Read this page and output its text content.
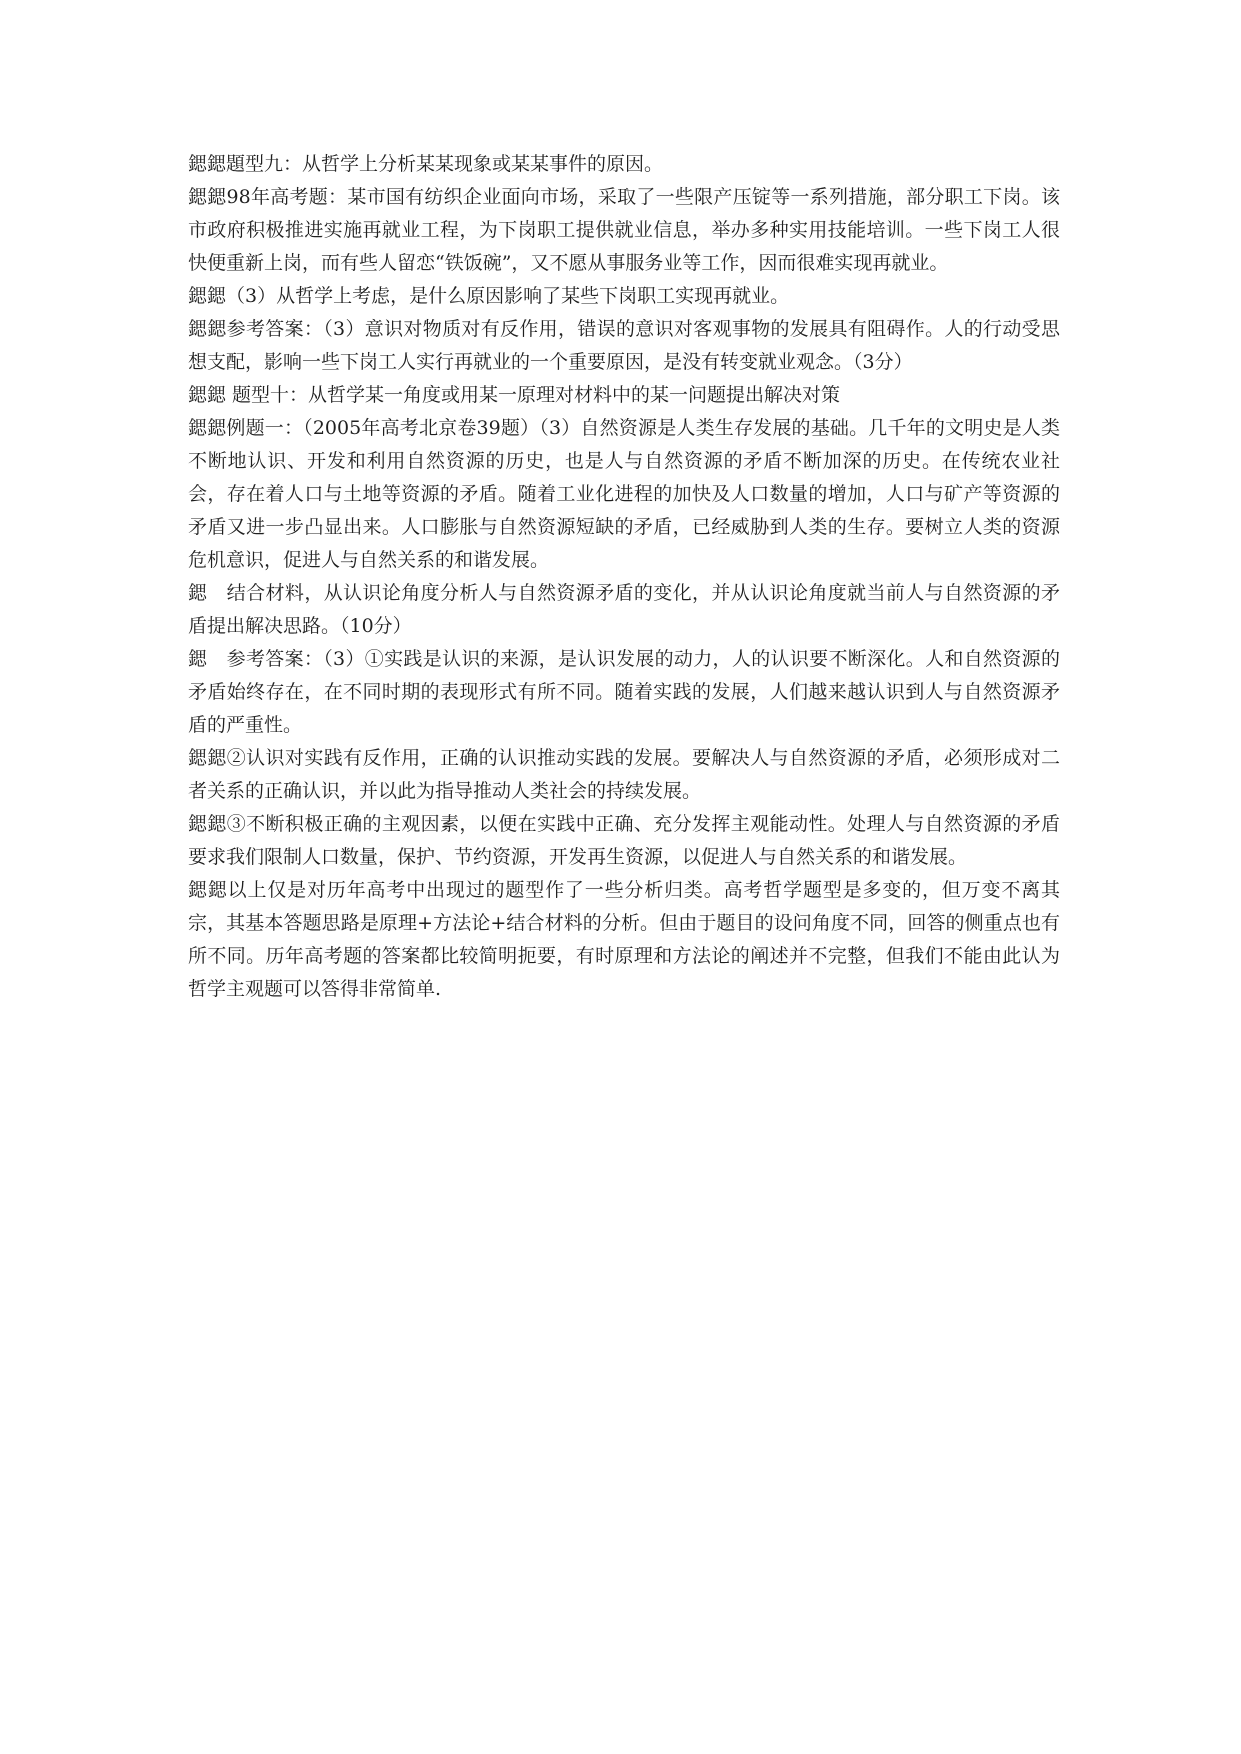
鍶鍶題型九：从哲学上分析某某现象或某某事件的原因。

鍶鍶98年高考题：某市国有纺织企业面向市场，采取了一些限产压锭等一系列措施，部分职工下岗。该市政府积极推进实施再就业工程，为下岗职工提供就业信息，举办多种实用技能培训。一些下岗工人很快便重新上岗，而有些人留恋“铁饭碗”，又不愿从事服务业等工作，因而很难实现再就业。

鍶鍶（3）从哲学上考虑，是什么原因影响了某些下岗职工实现再就业。

鍶鍶参考答案：（3）意识对物质对有反作用，错误的意识对客观事物的发展具有阻碍作。人的行动受思想支配，影响一些下岗工人实行再就业的一个重要原因，是没有转变就业观念。（3分）

鍶鍶 题型十：从哲学某一角度或用某一原理对材料中的某一问题提出解决对策

鍶鍶例题一：（2005年高考北京卷39题）（3）自然资源是人类生存发展的基础。几千年的文明史是人类不断地认识、开发和利用自然资源的历史，也是人与自然资源的矛盾不断加深的历史。在传统农业社会，存在着人口与土地等资源的矛盾。随着工业化进程的加快及人口数量的增加，人口与矿产等资源的矛盾又进一步凸显出来。人口膨胀与自然资源短缺的矛盾，已经威胁到人类的生存。要树立人类的资源危机意识，促进人与自然关系的和谐发展。

鍶　结合材料，从认识论角度分析人与自然资源矛盾的变化，并从认识论角度就当前人与自然资源的矛盾提出解决思路。（10分）

鍶　参考答案：（3）①实践是认识的来源，是认识发展的动力，人的认识要不断深化。人和自然资源的矛盾始终存在，在不同时期的表现形式有所不同。随着实践的发展，人们越来越认识到人与自然资源矛盾的严重性。

鍶鍶②认识对实践有反作用，正确的认识推动实践的发展。要解决人与自然资源的矛盾，必须形成对二者关系的正确认识，并以此为指导推动人类社会的持续发展。

鍶鍶③不断积极正确的主观因素，以便在实践中正确、充分发挥主观能动性。处理人与自然资源的矛盾要求我们限制人口数量，保护、节约资源，开发再生资源，以促进人与自然关系的和谐发展。

鍶鍶以上仅是对历年高考中出现过的题型作了一些分析归类。高考哲学题型是多变的，但万变不离其宗，其基本答题思路是原理+方法论+结合材料的分析。但由于题目的设问角度不同，回答的侧重点也有所不同。历年高考题的答案都比较简明扼要，有时原理和方法论的阐述并不完整，但我们不能由此认为哲学主观题可以答得非常简单.
